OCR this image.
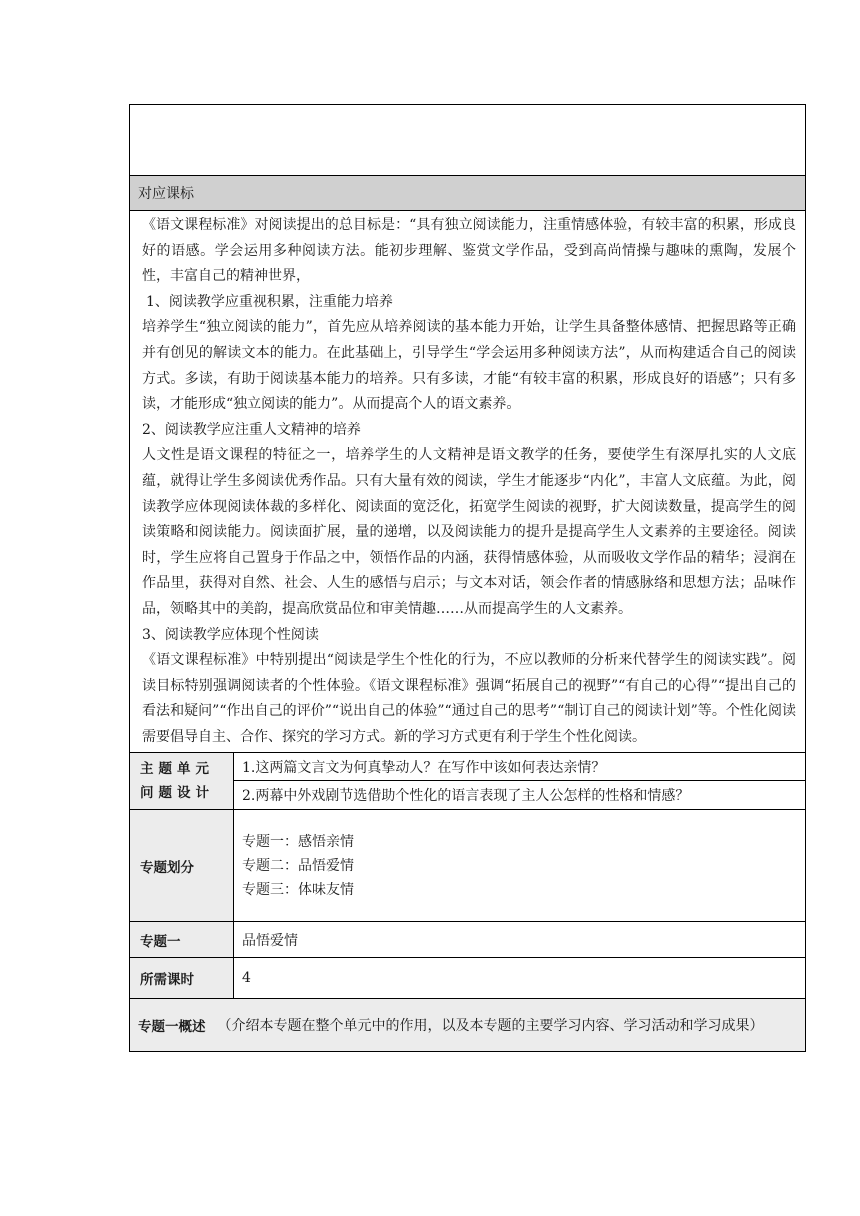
对应课标

《语文课程标准》对阅读提出的总目标是：“具有独立阅读能力，注重情感体验，有较丰富的积累，形成良好的语感。学会运用多种阅读方法。能初步理解、鉴赏文学作品，受到高尚情操与趣味的熏陶，发展个性，丰富自己的精神世界，

1、阅读教学应重视积累，注重能力培养

培养学生“独立阅读的能力”，首先应从培养阅读的基本能力开始，让学生具备整体感情、把握思路等正确并有创见的解读文本的能力。在此基础上，引导学生“学会运用多种阅读方法”，从而构建适合自己的阅读方式。多读，有助于阅读基本能力的培养。只有多读，才能“有较丰富的积累，形成良好的语感”；只有多读，才能形成“独立阅读的能力”。从而提高个人的语文素养。

2、阅读教学应注重人文精神的培养

人文性是语文课程的特征之一，培养学生的人文精神是语文教学的任务，要使学生有深厚扎实的人文底蕴，就得让学生多阅读优秀作品。只有大量有效的阅读，学生才能逐步“内化”，丰富人文底蕴。为此，阅读教学应体现阅读体裁的多样化、阅读面的宽泛化，拓宽学生阅读的视野，扩大阅读数量，提高学生的阅读策略和阅读能力。阅读面扩展，量的递增，以及阅读能力的提升是提高学生人文素养的主要途径。阅读时，学生应将自己置身于作品之中，领悟作品的内涵，获得情感体验，从而吸收文学作品的精华；浸润在作品里，获得对自然、社会、人生的感悟与启示；与文本对话，领会作者的情感脉络和思想方法；品味作品，领略其中的美韵，提高欣赏品位和审美情趣……从而提高学生的人文素养。

3、阅读教学应体现个性阅读

《语文课程标准》中特别提出“阅读是学生个性化的行为，不应以教师的分析来代替学生的阅读实践”。阅读目标特别强调阅读者的个性体验。《语文课程标准》强调“拓展自己的视野”“有自己的心得”“提出自己的看法和疑问”“作出自己的评价”“说出自己的体验”“通过自己的思考”“制订自己的阅读计划”等。个性化阅读需要倡导自主、合作、探究的学习方式。新的学习方式更有利于学生个性化阅读。

主题单元问题设计
1.这两篇文言文为何真挚动人？在写作中该如何表达亲情？
2.两幕中外戏剧节选借助个性化的语言表现了主人公怎样的性格和情感？
专题划分
专题一：感悟亲情
专题二：品悟爱情
专题三：体味友情
专题一	品悟爱情
所需课时	4
专题一概述 （介绍本专题在整个单元中的作用，以及本专题的主要学习内容、学习活动和学习成果）
